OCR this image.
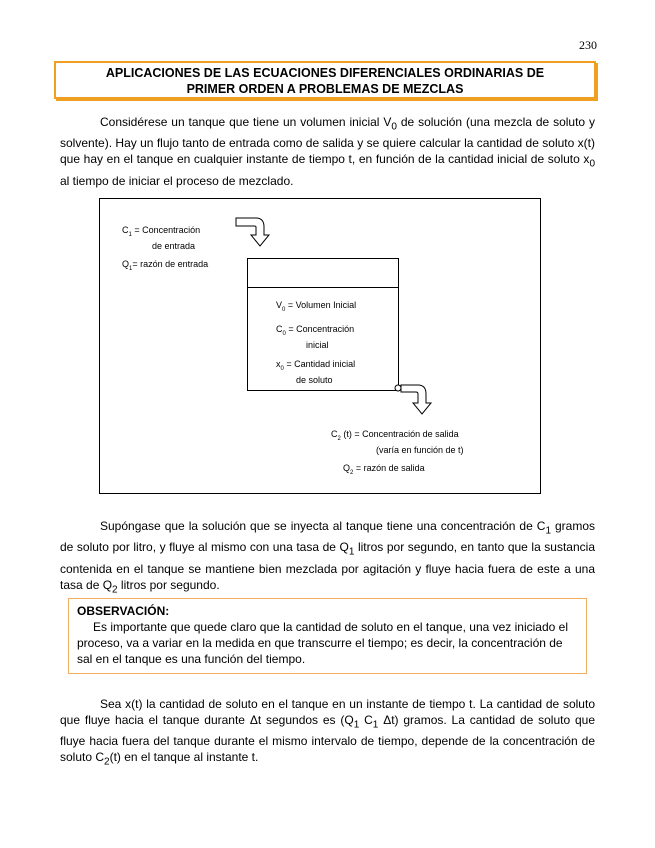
230
APLICACIONES DE LAS ECUACIONES DIFERENCIALES ORDINARIAS DE
PRIMER ORDEN A PROBLEMAS DE MEZCLAS

Considérese un tanque que tiene un volumen inicial $V_0$ de solución (una mezcla de soluto y solvente). Hay un flujo tanto de entrada como de salida y se quiere calcular la cantidad de soluto x(t) que hay en el tanque en cualquier instante de tiempo t, en función de la cantidad inicial de soluto $x_0$ al tiempo de iniciar el proceso de mezclado.

$C_1$ = Concentración
de entrada
$Q_1=$ razón de entrada
$V_0$ = Volumen Inicial
$C_0$ = Concentración
inicial
$x_0$ = Cantidad inicial
de soluto
$C_2$ (t) = Concentración de salida
(varía en función de t)
$Q_2$ = razón de salida

Supóngase que la solución que se inyecta al tanque tiene una concentración de $C_1$ gramos de soluto por litro, y fluye al mismo con una tasa de $Q_1$ litros por segundo, en tanto que la sustancia contenida en el tanque se mantiene bien mezclada por agitación y fluye hacia fuera de este a una tasa de $Q_2$ litros por segundo.

OBSERVACIÓN:
Es importante que quede claro que la cantidad de soluto en el tanque, una vez iniciado el proceso, va a variar en la medida en que transcurre el tiempo; es decir, la concentración de sal en el tanque es una función del tiempo.

Sea x(t) la cantidad de soluto en el tanque en un instante de tiempo t. La cantidad de soluto que fluye hacia el tanque durante Δt segundos es ($Q_1$ $C_1$ Δt) gramos. La cantidad de soluto que fluye hacia fuera del tanque durante el mismo intervalo de tiempo, depende de la concentración de soluto $C_2(t)$ en el tanque al instante t.
